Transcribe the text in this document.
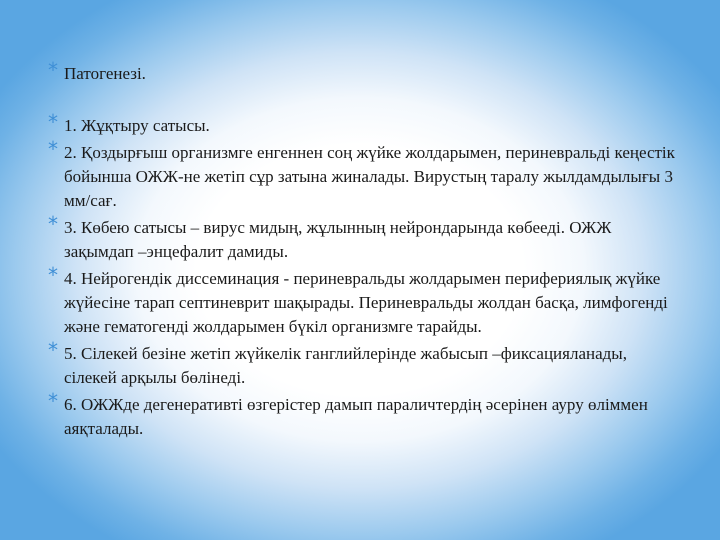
* Патогенезі.
* 1. Жұқтыру сатысы.
* 2. Қоздырғыш организмге енгеннен соң жүйке жолдарымен, периневральді кеңестік бойынша ОЖЖ-не жетіп сұр затына жиналады. Вирустың таралу жылдамдылығы 3 мм/сағ.
* 3. Көбею сатысы – вирус мидың, жұлынның нейрондарында көбееді. ОЖЖ зақымдап –энцефалит дамиды.
* 4. Нейрогендік диссеминация - периневральды жолдарымен перифериялық жүйке жүйесіне тарап септиневрит шақырады. Периневральды жолдан басқа, лимфогенді жәнe гематогенді жолдарымен бүкіл организмге тарайды.
* 5. Сілекей безіне жетіп жүйкелік ганглийлерінде жабысып –фиксацияланады, сілекей арқылы бөлінеді.
* 6. ОЖЖде дегенеративті өзгерістер дамып параличтердің әсерінен ауру өліммен аяқталады.
